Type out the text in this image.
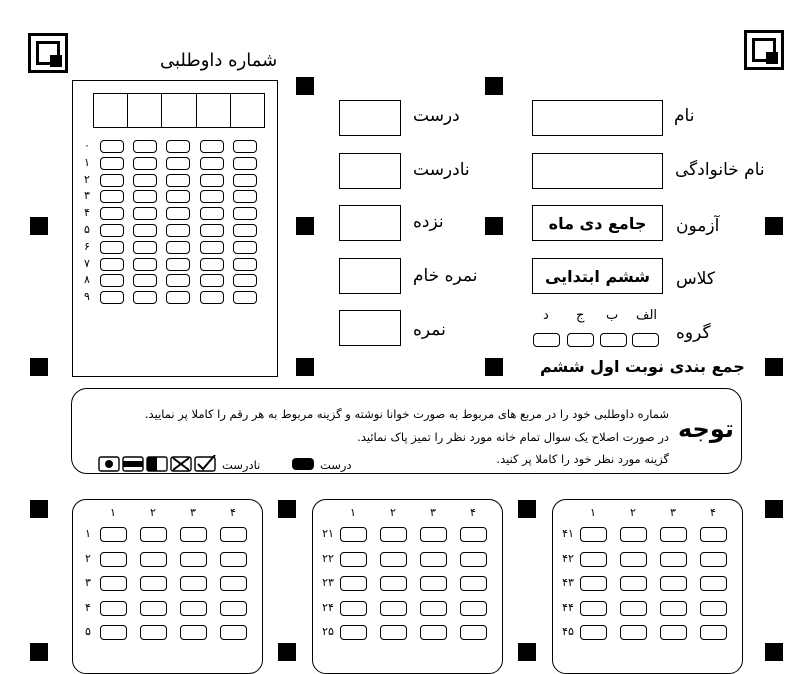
شماره داوطلبی
۰
۱
۲
۳
۴
۵
۶
۷
۸
۹
درست
نادرست
نزده
نمره خام
نمره
نام
نام خانوادگی
جامع دی ماه آزمون
ششم ابتدایی کلاس
الف
ب
ج
د
گروه
جمع بندی نوبت اول ششم
توجه
شماره داوطلبی خود را در مربع های مربوط به صورت خوانا نوشته و گزینه مربوط به هر رقم را کاملا پر نمایید.
در صورت اصلاح یک سوال تمام خانه مورد نظر را تمیز پاک نمائید.
گزینه مورد نظر خود را کاملا پر کنید.
درست
نادرست
۱	۲	۳	۴
۱
۲
۳
۴
۵
۱	۲	۳	۴
۲۱
۲۲
۲۳
۲۴
۲۵
۱	۲	۳	۴
۴۱
۴۲
۴۳
۴۴
۴۵
